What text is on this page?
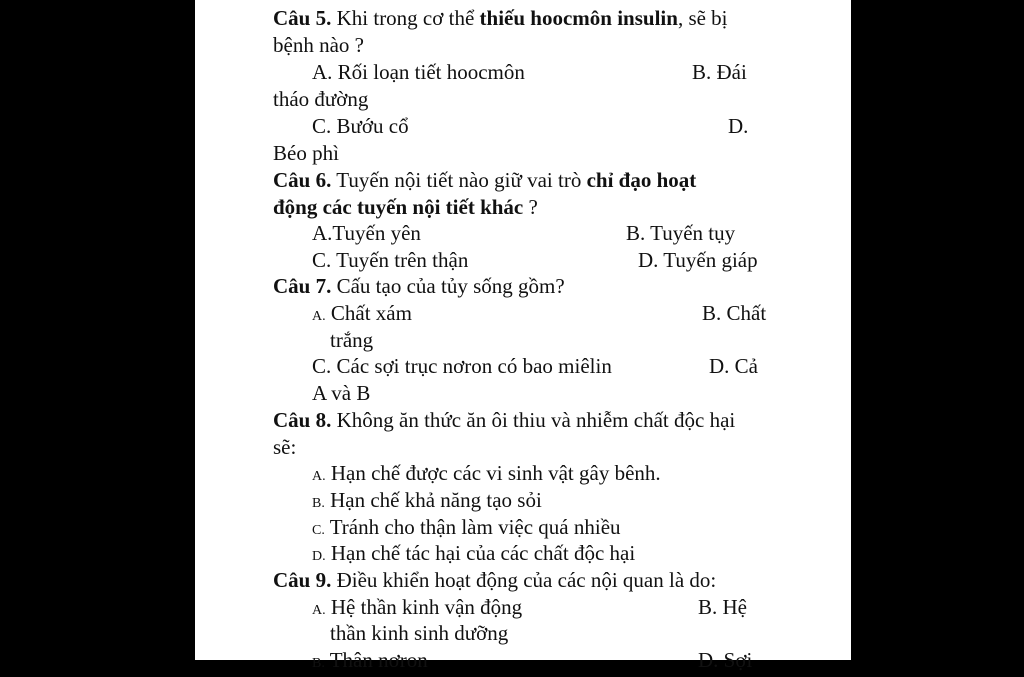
Câu 5. Khi trong cơ thể thiếu hoocmôn insulin, sẽ bị
bệnh nào ?
A. Rối loạn tiết hoocmôn	B. Đái
tháo đường
C. Bướu cổ	D.
Béo phì
Câu 6. Tuyến nội tiết nào giữ vai trò chỉ đạo hoạt
động các tuyến nội tiết khác ?
A.Tuyến yên	B. Tuyến tụy
C. Tuyến trên thận	D. Tuyến giáp
Câu 7. Cấu tạo của tủy sống gồm?
A. Chất xám	B. Chất
trắng
C. Các sợi trục nơron có bao miêlin	D. Cả
A và B
Câu 8. Không ăn thức ăn ôi thiu và nhiễm chất độc hại
sẽ:
A. Hạn chế được các vi sinh vật gây bênh.
B. Hạn chế khả năng tạo sỏi
C. Tránh cho thận làm việc quá nhiều
D. Hạn chế tác hại của các chất độc hại
Câu 9. Điều khiển hoạt động của các nội quan là do:
A. Hệ thần kinh vận động	B. Hệ
thần kinh sinh dưỡng
B. Thân nơron	D. Sợi
